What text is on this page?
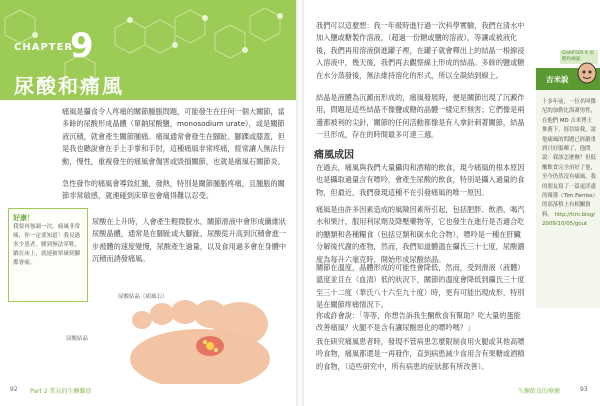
CHAPTER
9
尿酸和痛風

痛風是攝食令人疼痛的關節腫脹問題，可能發生在任何一個大關節，當多餘的尿酸形成晶體（單鈉尿酸鹽，monosodium urate），或是關節液沉積，就會產生關節腫痛。痛風通常會發生在腳趾、腳踝或膝蓋，但是我也聽說會在手上手掌和手肘，這種痛風非常疼痛，經常讓人無法行動，慢性，重複發生的痛風會傷害或毀損關節，也就是痛風石關節炎。

急性發作的痛風會導致紅腫，發熱，特別是關節腫脹疼痛，且腫脹的關節非常敏感，就連碰到床單也會痛得難以忍受。

尿酸在上升時，人會產生輕微脫水，關節滑液中會形成纖維狀尿酸晶體，通常是在腳趾或大腳趾，尿酸從升高到沉積會進一步被體的速度變慢，尿酸產生過量，以及食用過多會在身體中沉積而誘發痛風。

好康！
我要再強調一次，痛風非常痛，你一定要知道！我見過多少患者，腫到無法穿鞋，躺在床上，就連被單碰到腳都會痛。
尿酸結晶（痛風石）
尿酸結晶
92 Part 2 常見的生酮難症

我們可以這麼想：我一年級時進行過一次科學實驗，我們在清水中加入鹽或糖製作溶液，（超過一份糖或鹽的溶液），等讓或被液化後，我們再用溶液倒進罐子裡，在罐子就會釋出上的結晶一根線浸入溶液中，幾天後，我們再去觀察線上形成的結晶。多餘的鹽或糖在水分蒸發後，無法維持溶化的形式，所以全凝結到線上。

結晶是液體為沉澱而形成的，痛風發展時，便是關節出現了沉澱作用，問題是這些結晶不像鹽或糖的晶體一樣定形無害；它們像是兩邊都被利的尖針，關節的任何活動都像是有人拿針刺著關節，結晶一旦形成，存在的時間最多可達三週。

CHAPTER 9 尿酸和痛風
吉米說
十多年前，一位名叫傑尼的加勒比海裔男性，在他們 MD 吉米博士推薦下，寫信給我，說他痛風的問題已經嚴重到只好服藥了，他問說：我該怎麼辦？但低醣飲食完全治好了他，至今仍然沒有痛風。我的朋友寫了一篇更詳盡的報導（Tim Ferriss）的部落格上有相關資料。 http://tim.blog/2009/10/05/gout
痛風成因

在過去，痛風與我們大量攝肉和酒精的飲食，現今痛風的根本原因也是攝取過量含有嘌呤，會產生尿酸的飲食，特別是攝入過量的食物，但最近，我們發現這種不在引發痛風的唯一原因。

痛風是由許多因素造成的風險因素所引起，包括肥胖、飲酒、喝汽水和果汁，服用利尿劑及降壓藥物等，它也發生在進行是否適合吃的醣類和各種糧食（包括豆類和碳水化合物），嘌呤是一種在肝臟分解後代謝的產物，然而，我們知道體溫在攝氏三十七度，尿酸濃度為每升六毫克時，開始形成尿酸結晶。

關節在溫度，晶體形成的可能性會降低，然而，受到滑液（液體）溫度並且在（血清）低的狀況下，關節的溫度會降低到攝氏三十度至三十二度（華氏八十六至九十度）時，更有可能出現成形，特別是在關節疼痛情況下。

你或許會說：「等等，你想告訴我生酮飲食有幫助？吃大量的蛋能改善痛風？火腿不是含有讓尿酸惡化的嘌呤嗎？」

我在研究痛風患者時，發現不管病患怎麼限制食用火腿或其他高嘌呤食物，痛風都還是一再發作，直到病患減少食用含有果糖或酒精的食物，（這些研究中，所有病患的症狀都有所改善）。

生酮飲食的療癒	93
